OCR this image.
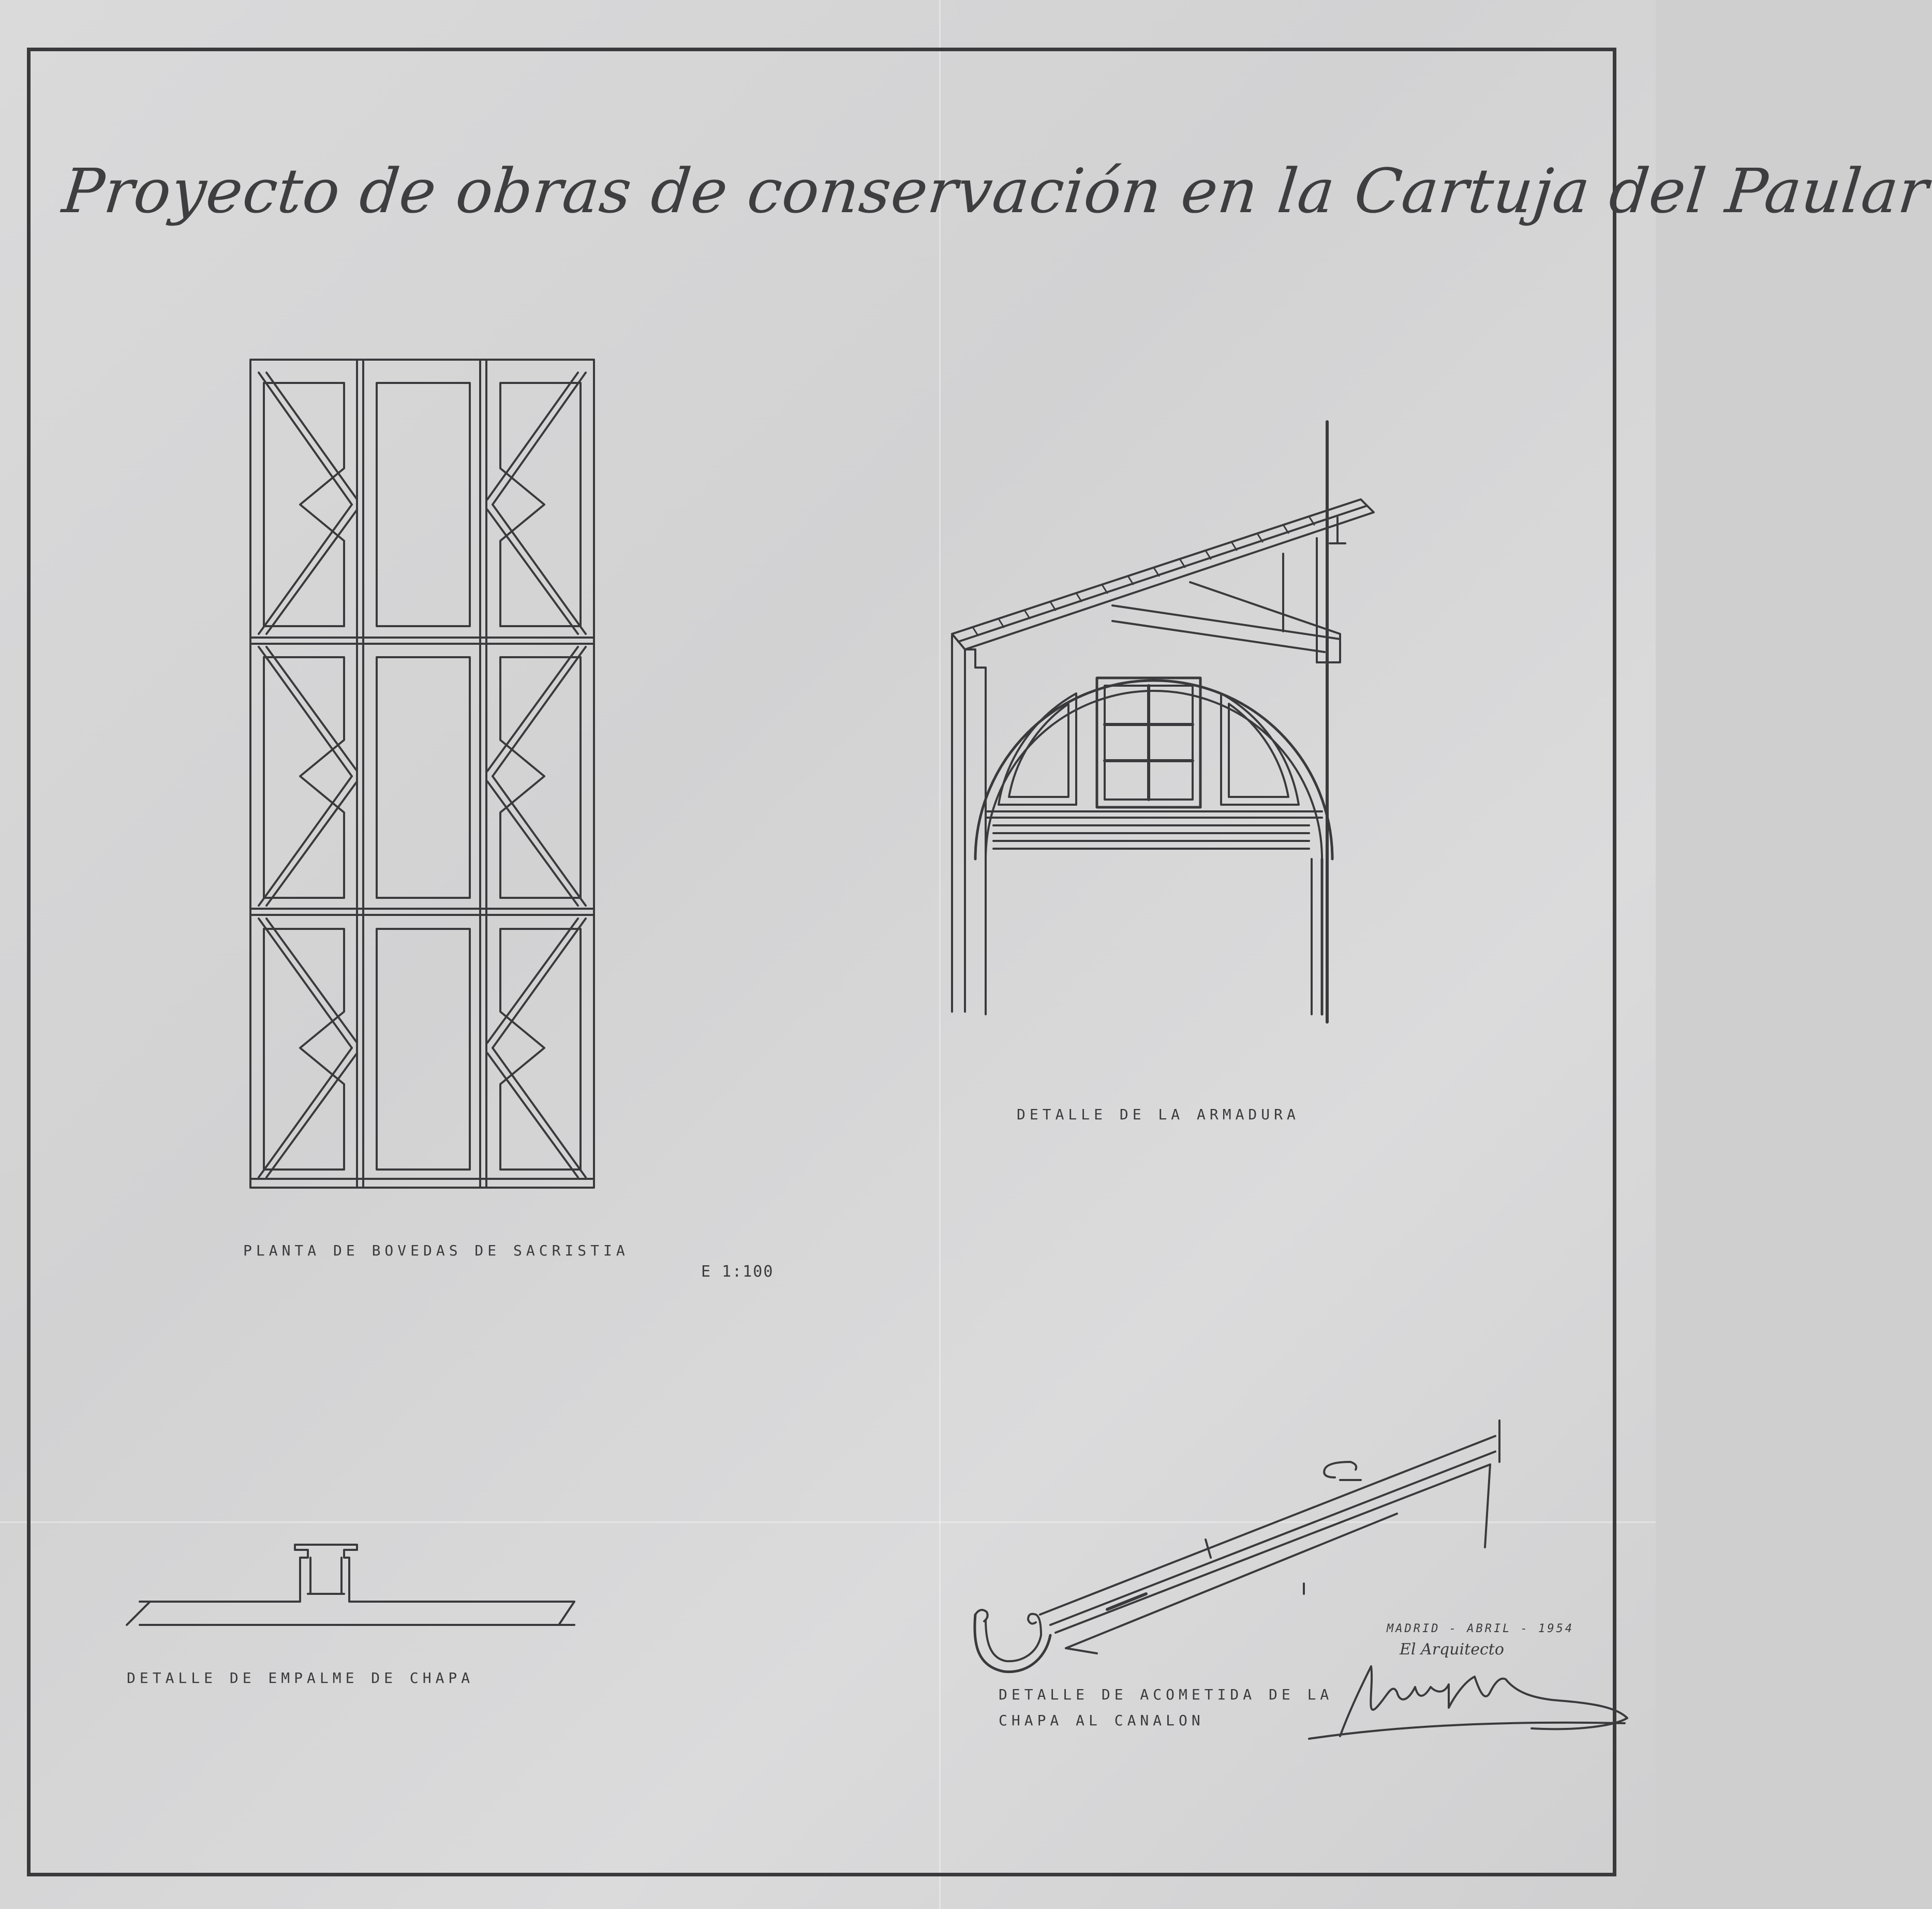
Proyecto de obras de conservación en la Cartuja del Paular
PLANTA DE BOVEDAS DE SACRISTIA
E 1:100
DETALLE DE LA ARMADURA
DETALLE DE EMPALME DE CHAPA
DETALLE DE ACOMETIDA DE LA
CHAPA AL CANALON
MADRID - ABRIL - 1954
El Arquitecto
